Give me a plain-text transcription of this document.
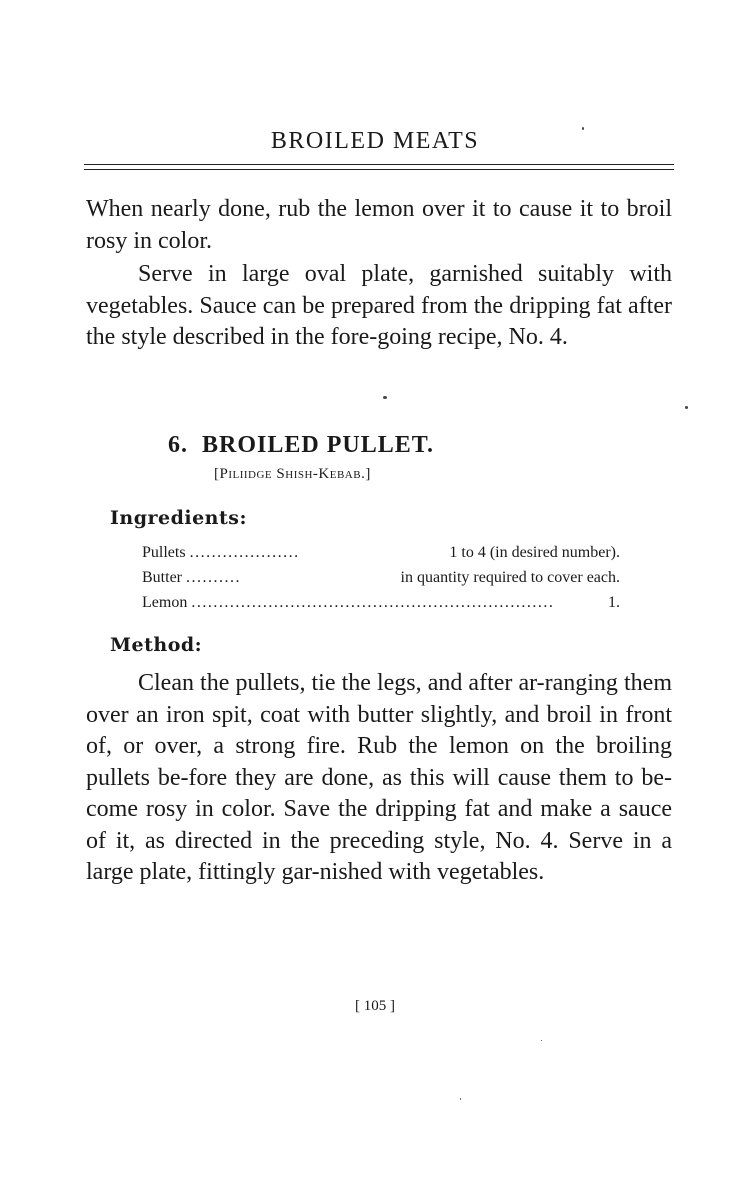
BROILED MEATS

When nearly done, rub the lemon over it to cause it to broil rosy in color.

Serve in large oval plate, garnished suitably with vegetables. Sauce can be prepared from the dripping fat after the style described in the fore-going recipe, No. 4.

6. BROILED PULLET.
[Piliidge Shish-Kebab.]
Ingredients:
Pullets ....................	1 to 4 (in desired number).
Butter ..........	in quantity required to cover each.
Lemon ..................................................................	1.
Method:

Clean the pullets, tie the legs, and after ar-ranging them over an iron spit, coat with butter slightly, and broil in front of, or over, a strong fire. Rub the lemon on the broiling pullets be-fore they are done, as this will cause them to be-come rosy in color. Save the dripping fat and make a sauce of it, as directed in the preceding style, No. 4. Serve in a large plate, fittingly gar-nished with vegetables.

[ 105 ]
